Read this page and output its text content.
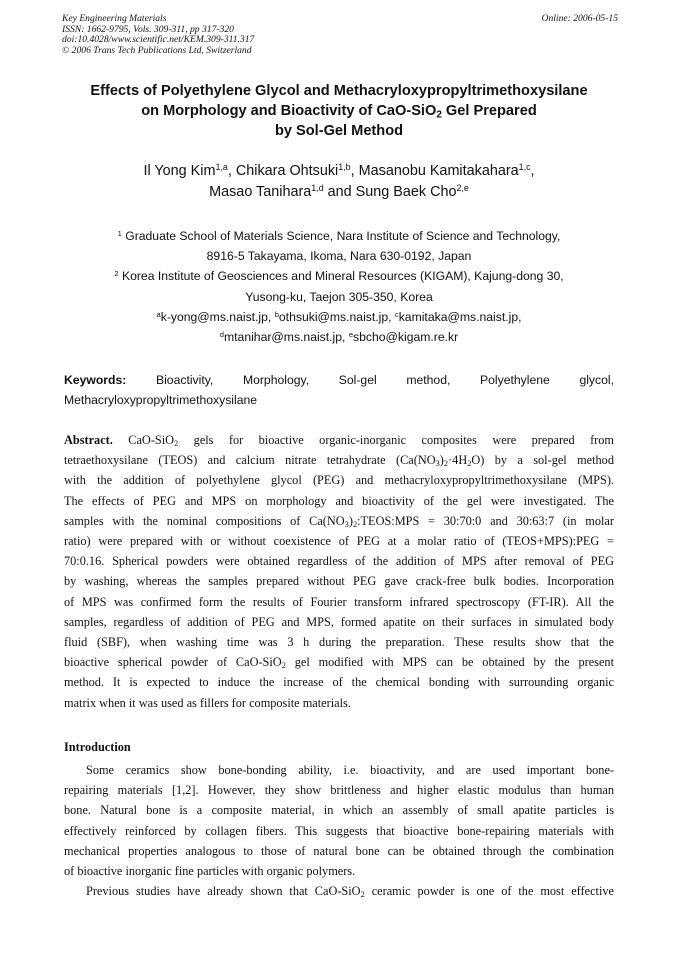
Key Engineering Materials
ISSN: 1662-9795, Vols. 309-311, pp 317-320
doi:10.4028/www.scientific.net/KEM.309-311.317
© 2006 Trans Tech Publications Ltd, Switzerland
Online: 2006-05-15
Effects of Polyethylene Glycol and Methacryloxypropyltrimethoxysilane
on Morphology and Bioactivity of CaO-SiO$_2$ Gel Prepared
by Sol-Gel Method
Il Yong Kim$^{1,a}$, Chikara Ohtsuki$^{1,b}$, Masanobu Kamitakahara$^{1,c}$,
Masao Tanihara$^{1,d}$ and Sung Baek Cho$^{2,e}$
$^1$ Graduate School of Materials Science, Nara Institute of Science and Technology,
8916-5 Takayama, Ikoma, Nara 630-0192, Japan
$^2$ Korea Institute of Geosciences and Mineral Resources (KIGAM), Kajung-dong 30,
Yusong-ku, Taejon 305-350, Korea
$^a$k-yong@ms.naist.jp, $^b$othsuki@ms.naist.jp, $^c$kamitaka@ms.naist.jp,
$^d$mtanihar@ms.naist.jp, $^e$sbcho@kigam.re.kr
Keywords: Bioactivity, Morphology, Sol-gel method, Polyethylene glycol,
Methacryloxypropyltrimethoxysilane
Abstract. CaO-SiO$_2$ gels for bioactive organic-inorganic composites were prepared from
tetraethoxysilane (TEOS) and calcium nitrate tetrahydrate $(Ca(NO_3)_2\cdot 4H_2O)$ by a sol-gel method
with the addition of polyethylene glycol (PEG) and methacryloxypropyltrimethoxysilane (MPS).
The effects of PEG and MPS on morphology and bioactivity of the gel were investigated. The
samples with the nominal compositions of $Ca(NO_3)_2:TEOS:MPS$ = 30:70:0 and 30:63:7 (in molar
ratio) were prepared with or without coexistence of PEG at a molar ratio of (TEOS+MPS):PEG =
70:0.16. Spherical powders were obtained regardless of the addition of MPS after removal of PEG
by washing, whereas the samples prepared without PEG gave crack-free bulk bodies. Incorporation
of MPS was confirmed form the results of Fourier transform infrared spectroscopy (FT-IR). All the
samples, regardless of addition of PEG and MPS, formed apatite on their surfaces in simulated body
fluid (SBF), when washing time was 3 h during the preparation. These results show that the
bioactive spherical powder of CaO-SiO$_2$ gel modified with MPS can be obtained by the present
method. It is expected to induce the increase of the chemical bonding with surrounding organic
matrix when it was used as fillers for composite materials.
Introduction
Some ceramics show bone-bonding ability, i.e. bioactivity, and are used important bone-
repairing materials [1,2]. However, they show brittleness and higher elastic modulus than human
bone. Natural bone is a composite material, in which an assembly of small apatite particles is
effectively reinforced by collagen fibers. This suggests that bioactive bone-repairing materials with
mechanical properties analogous to those of natural bone can be obtained through the combination
of bioactive inorganic fine particles with organic polymers.
Previous studies have already shown that CaO-SiO$_2$ ceramic powder is one of the most effective
